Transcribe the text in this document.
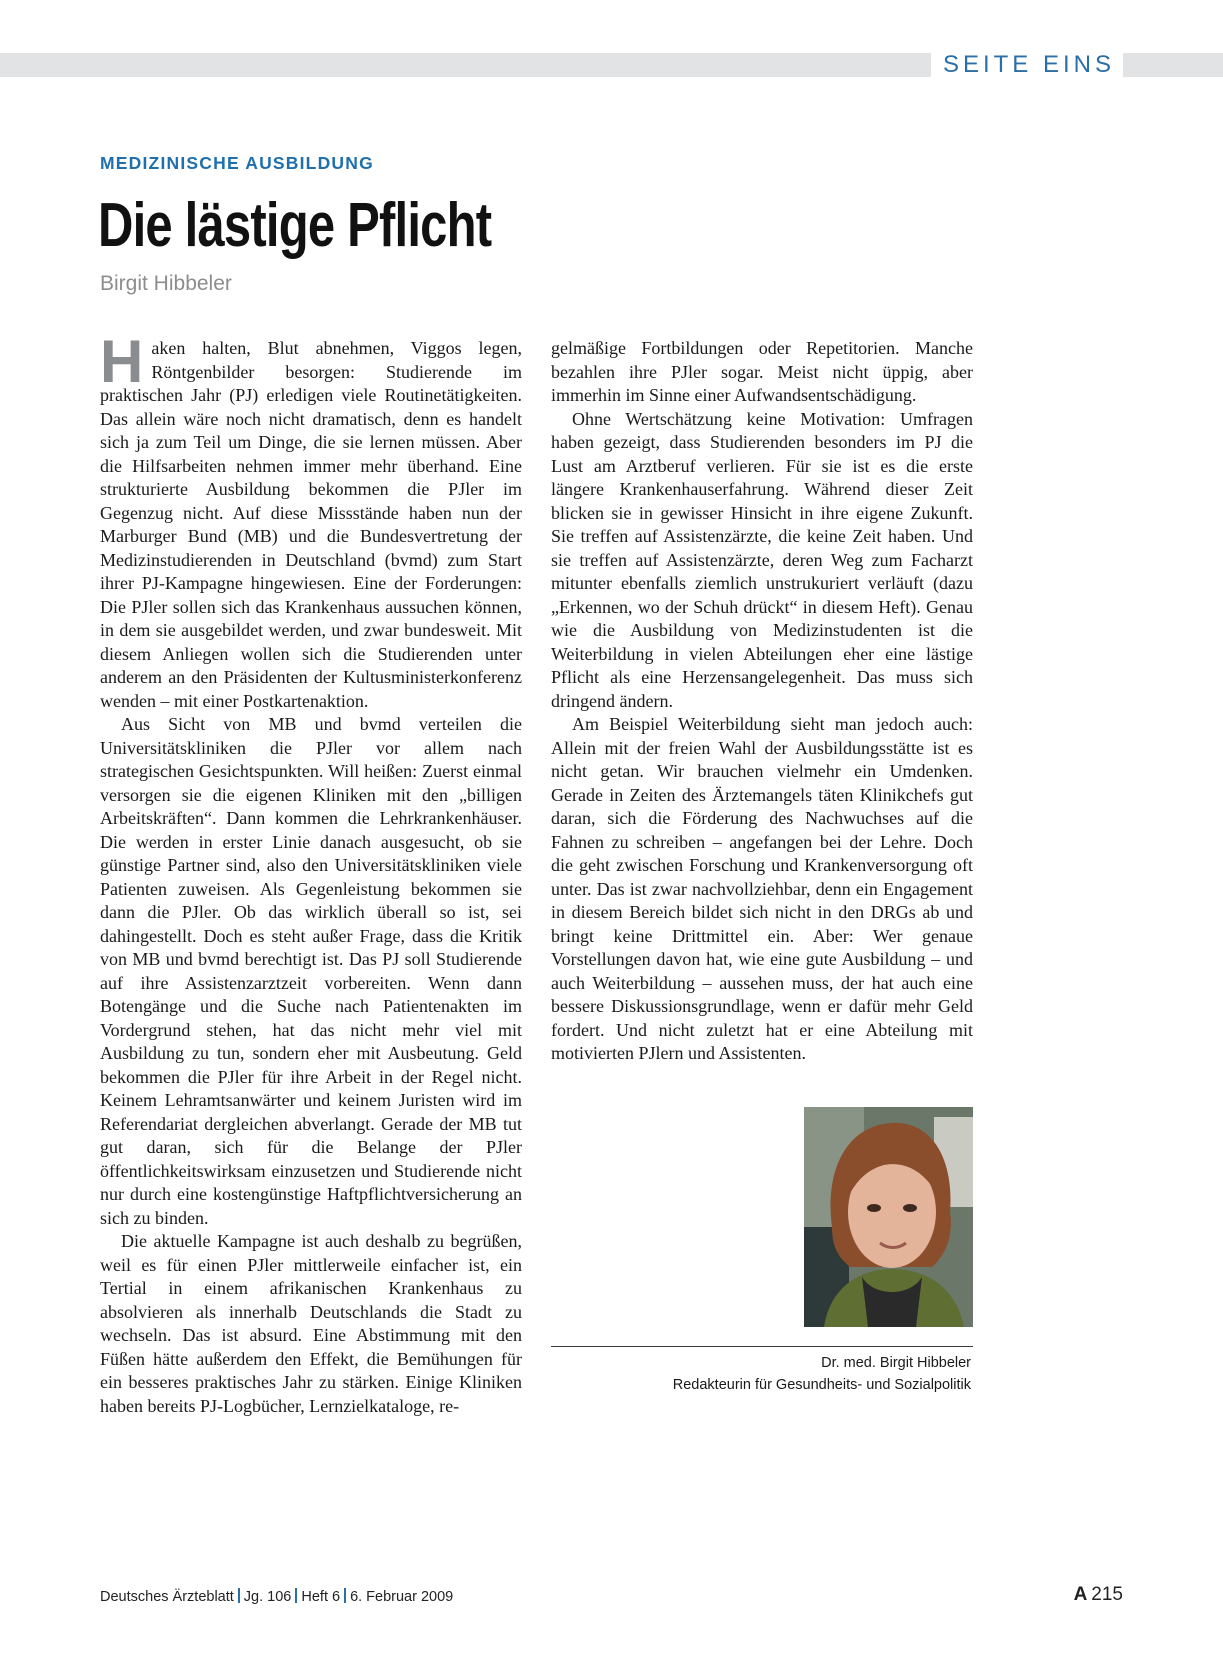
SEITE EINS
MEDIZINISCHE AUSBILDUNG
Die lästige Pflicht
Birgit Hibbeler

Haken halten, Blut abnehmen, Viggos legen, Röntgenbilder besorgen: Studierende im praktischen Jahr (PJ) erledigen viele Routinetätigkeiten. Das allein wäre noch nicht dramatisch, denn es handelt sich ja zum Teil um Dinge, die sie lernen müssen. Aber die Hilfsarbeiten nehmen immer mehr überhand. Eine strukturierte Ausbildung bekommen die PJler im Gegenzug nicht. Auf diese Missstände haben nun der Marburger Bund (MB) und die Bundesvertretung der Medizinstudierenden in Deutschland (bvmd) zum Start ihrer PJ-Kampagne hingewiesen. Eine der Forderungen: Die PJler sollen sich das Krankenhaus aussuchen können, in dem sie ausgebildet werden, und zwar bundesweit. Mit diesem Anliegen wollen sich die Studierenden unter anderem an den Präsidenten der Kultusministerkonferenz wenden – mit einer Postkartenaktion.

Aus Sicht von MB und bvmd verteilen die Universitätskliniken die PJler vor allem nach strategischen Gesichtspunkten. Will heißen: Zuerst einmal versorgen sie die eigenen Kliniken mit den „billigen Arbeitskräften“. Dann kommen die Lehrkrankenhäuser. Die werden in erster Linie danach ausgesucht, ob sie günstige Partner sind, also den Universitätskliniken viele Patienten zuweisen. Als Gegenleistung bekommen sie dann die PJler. Ob das wirklich überall so ist, sei dahingestellt. Doch es steht außer Frage, dass die Kritik von MB und bvmd berechtigt ist. Das PJ soll Studierende auf ihre Assistenzarztzeit vorbereiten. Wenn dann Botengänge und die Suche nach Patientenakten im Vordergrund stehen, hat das nicht mehr viel mit Ausbildung zu tun, sondern eher mit Ausbeutung. Geld bekommen die PJler für ihre Arbeit in der Regel nicht. Keinem Lehramtsanwärter und keinem Juristen wird im Referendariat dergleichen abverlangt. Gerade der MB tut gut daran, sich für die Belange der PJler öffentlichkeitswirksam einzusetzen und Studierende nicht nur durch eine kostengünstige Haftpflichtversicherung an sich zu binden.

Die aktuelle Kampagne ist auch deshalb zu begrüßen, weil es für einen PJler mittlerweile einfacher ist, ein Tertial in einem afrikanischen Krankenhaus zu absolvieren als innerhalb Deutschlands die Stadt zu wechseln. Das ist absurd. Eine Abstimmung mit den Füßen hätte außerdem den Effekt, die Bemühungen für ein besseres praktisches Jahr zu stärken. Einige Kliniken haben bereits PJ-Logbücher, Lernzielkataloge, re-

gelmäßige Fortbildungen oder Repetitorien. Manche bezahlen ihre PJler sogar. Meist nicht üppig, aber immerhin im Sinne einer Aufwandsentschädigung.

Ohne Wertschätzung keine Motivation: Umfragen haben gezeigt, dass Studierenden besonders im PJ die Lust am Arztberuf verlieren. Für sie ist es die erste längere Krankenhauserfahrung. Während dieser Zeit blicken sie in gewisser Hinsicht in ihre eigene Zukunft. Sie treffen auf Assistenzärzte, die keine Zeit haben. Und sie treffen auf Assistenzärzte, deren Weg zum Facharzt mitunter ebenfalls ziemlich unstrukuriert verläuft (dazu „Erkennen, wo der Schuh drückt“ in diesem Heft). Genau wie die Ausbildung von Medizinstudenten ist die Weiterbildung in vielen Abteilungen eher eine lästige Pflicht als eine Herzensangelegenheit. Das muss sich dringend ändern.

Am Beispiel Weiterbildung sieht man jedoch auch: Allein mit der freien Wahl der Ausbildungsstätte ist es nicht getan. Wir brauchen vielmehr ein Umdenken. Gerade in Zeiten des Ärztemangels täten Klinikchefs gut daran, sich die Förderung des Nachwuchses auf die Fahnen zu schreiben – angefangen bei der Lehre. Doch die geht zwischen Forschung und Krankenversorgung oft unter. Das ist zwar nachvollziehbar, denn ein Engagement in diesem Bereich bildet sich nicht in den DRGs ab und bringt keine Drittmittel ein. Aber: Wer genaue Vorstellungen davon hat, wie eine gute Ausbildung – und auch Weiterbildung – aussehen muss, der hat auch eine bessere Diskussionsgrundlage, wenn er dafür mehr Geld fordert. Und nicht zuletzt hat er eine Abteilung mit motivierten PJlern und Assistenten.

Dr. med. Birgit Hibbeler
Redakteurin für Gesundheits- und Sozialpolitik
Deutsches Ärzteblatt Jg. 106 Heft 6 6. Februar 2009	A 215
